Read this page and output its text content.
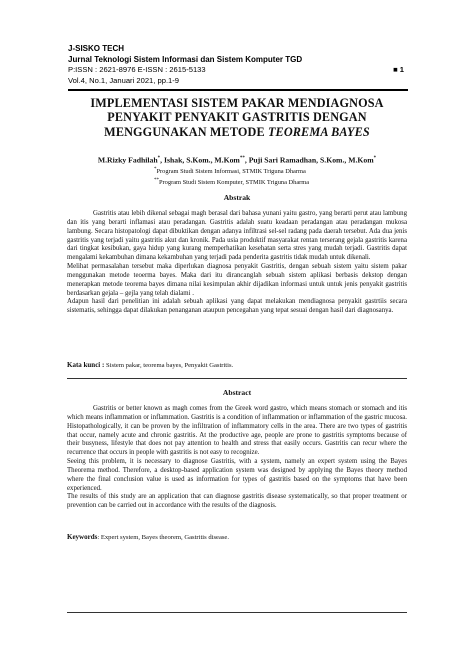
J-SISKO TECH
Jurnal Teknologi Sistem Informasi dan Sistem Komputer TGD
P:ISSN : 2621-8976 E-ISSN : 2615-5133	■ 1
Vol.4, No.1, Januari 2021, pp.1-9
IMPLEMENTASI SISTEM PAKAR MENDIAGNOSA
PENYAKIT PENYAKIT GASTRITIS DENGAN
MENGGUNAKAN METODE TEOREMA BAYES

M.Rizky Fadhilah*, Ishak, S.Kom., M.Kom**, Puji Sari Ramadhan, S.Kom., M.Kom*

*Program Studi Sistem Informasi, STMIK Triguna Dharma
**Program Studi Sistem Komputer, STMIK Triguna Dharma
Abstrak

Gastritis atau lebih dikenal sebagai magh berasal dari bahasa yunani yaitu gastro, yang berarti perut atau lambung dan itis yang berarti inflamasi atau peradangan. Gastritis adalah suatu keadaan peradangan atau peradangan mukosa lambung. Secara histopatologi dapat dibuktikan dengan adanya infiltrasi sel-sel radang pada daerah tersebut. Ada dua jenis gastritis yang terjadi yaitu gastritis akut dan kronik. Pada usia produktif masyarakat rentan terserang gejala gastritis karena dari tingkat kesibukan, gaya hidup yang kurang memperhatikan kesehatan serta stres yang mudah terjadi. Gastritis dapat mengalami kekambuhan dimana kekambuhan yang terjadi pada penderita gastritis tidak mudah untuk dikenali.

Melihat permasalahan tersebut maka diperlukan diagnosa penyakit Gastritis, dengan sebuah sistem yaitu sistem pakar menggunakan metode teoerma bayes. Maka dari itu dirancanglah sebuah sistem aplikasi berbasis dekstop dengan menerapkan metode teorema bayes dimana nilai kesimpulan akhir dijadikan informasi untuk untuk jenis penyakit gastritis berdasarkan gejala – gejla yang telah dialami .

Adapun hasil dari penelitian ini adalah sebuah aplikasi yang dapat melakukan mendiagnosa penyakit gastrtiis secara sistematis, sehingga dapat dilakukan penanganan ataupun pencegahan yang tepat sesuai dengan hasil dari diagnosanya.

Kata kunci : Sistem pakar, teorema bayes, Penyakit Gastritis.

Abstract

Gastritis or better known as magh comes from the Greek word gastro, which means stomach or stomach and itis which means inflammation or inflammation. Gastritis is a condition of inflammation or inflammation of the gastric mucosa. Histopathologically, it can be proven by the infiltration of inflammatory cells in the area. There are two types of gastritis that occur, namely acute and chronic gastritis. At the productive age, people are prone to gastritis symptoms because of their busyness, lifestyle that does not pay attention to health and stress that easily occurs. Gastritis can recur where the recurrence that occurs in people with gastritis is not easy to recognize.

Seeing this problem, it is necessary to diagnose Gastritis, with a system, namely an expert system using the Bayes Theorema method. Therefore, a desktop-based application system was designed by applying the Bayes theory method where the final conclusion value is used as information for types of gastritis based on the symptoms that have been experienced.

The results of this study are an application that can diagnose gastritis disease systematically, so that proper treatment or prevention can be carried out in accordance with the results of the diagnosis.

Keywords: Expert system, Bayes theorem, Gastritis disease.
